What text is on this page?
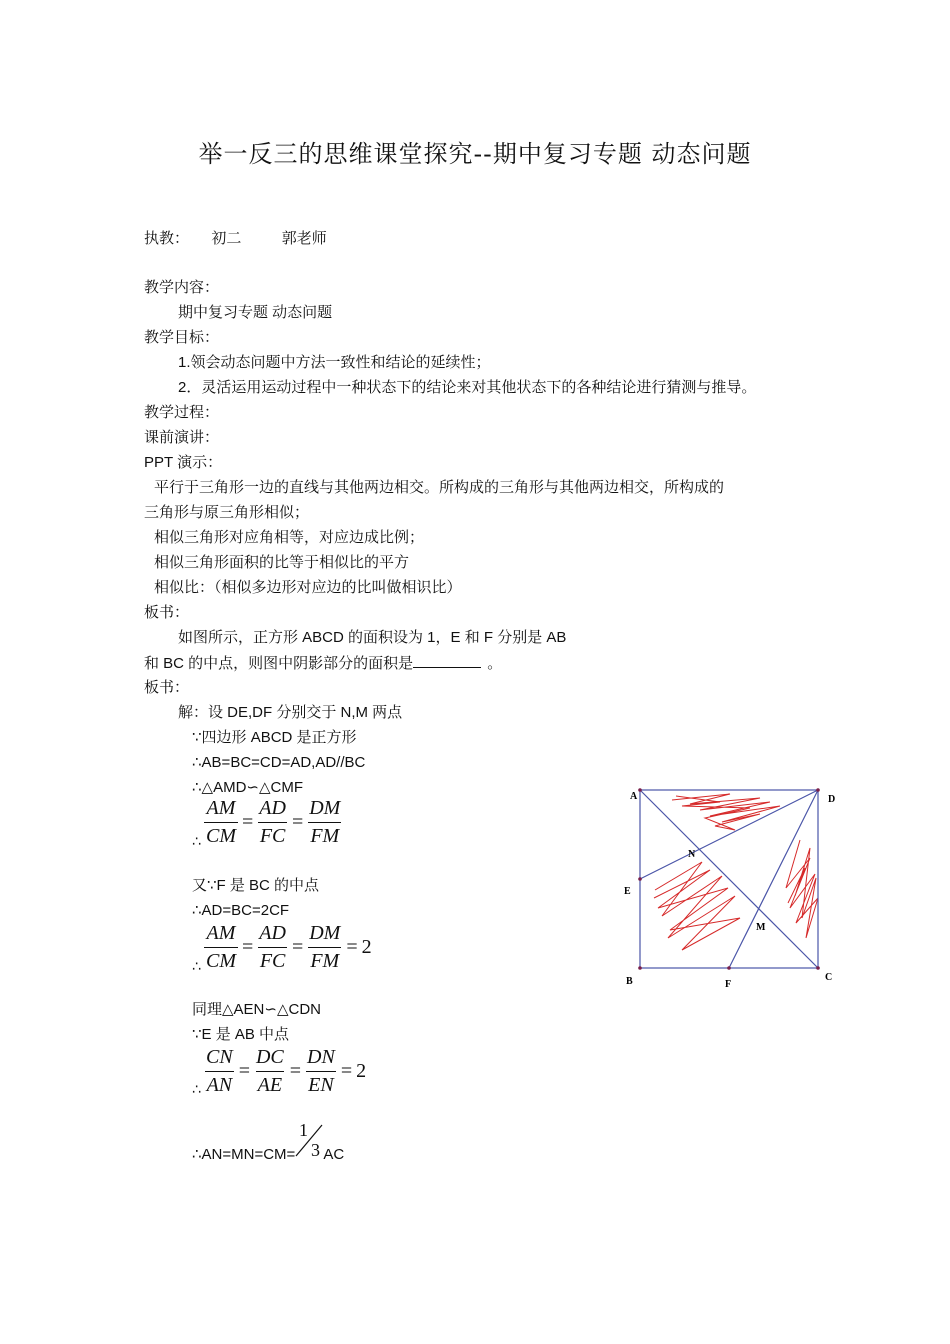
举一反三的思维课堂探究--期中复习专题 动态问题
执教： 初二	郭老师
教学内容：
期中复习专题 动态问题
教学目标：
1.领会动态问题中方法一致性和结论的延续性；
2．灵活运用运动过程中一种状态下的结论来对其他状态下的各种结论进行猜测与推导。
教学过程：
课前演讲：
PPT 演示：
平行于三角形一边的直线与其他两边相交。所构成的三角形与其他两边相交，所构成的
三角形与原三角形相似；
相似三角形对应角相等，对应边成比例；
相似三角形面积的比等于相似比的平方
相似比：（相似多边形对应边的比叫做相识比）
板书：
如图所示，正方形 ABCD 的面积设为 1，E 和 F 分别是 AB
和 BC 的中点，则图中阴影部分的面积是	。
板书：
解：设 DE,DF 分别交于 N,M 两点
∵四边形 ABCD 是正方形
∴AB=BC=CD=AD,AD//BC
∴△AMD∽△CMF
∴ $\frac{AM}{CM} = \frac{AD}{FC} = \frac{DM}{FM}$
又∵F 是 BC 的中点
∴AD=BC=2CF
∴ $\frac{AM}{CM} = \frac{AD}{FC} = \frac{DM}{FM} = 2$
同理△AEN∽△CDN
∵E 是 AB 中点
∴ $\frac{CN}{AN} = \frac{DC}{AE} = \frac{DN}{EN} = 2$
∴AN=MN=CM= AC
1
3
A	D
E
N
M
B	F
C
